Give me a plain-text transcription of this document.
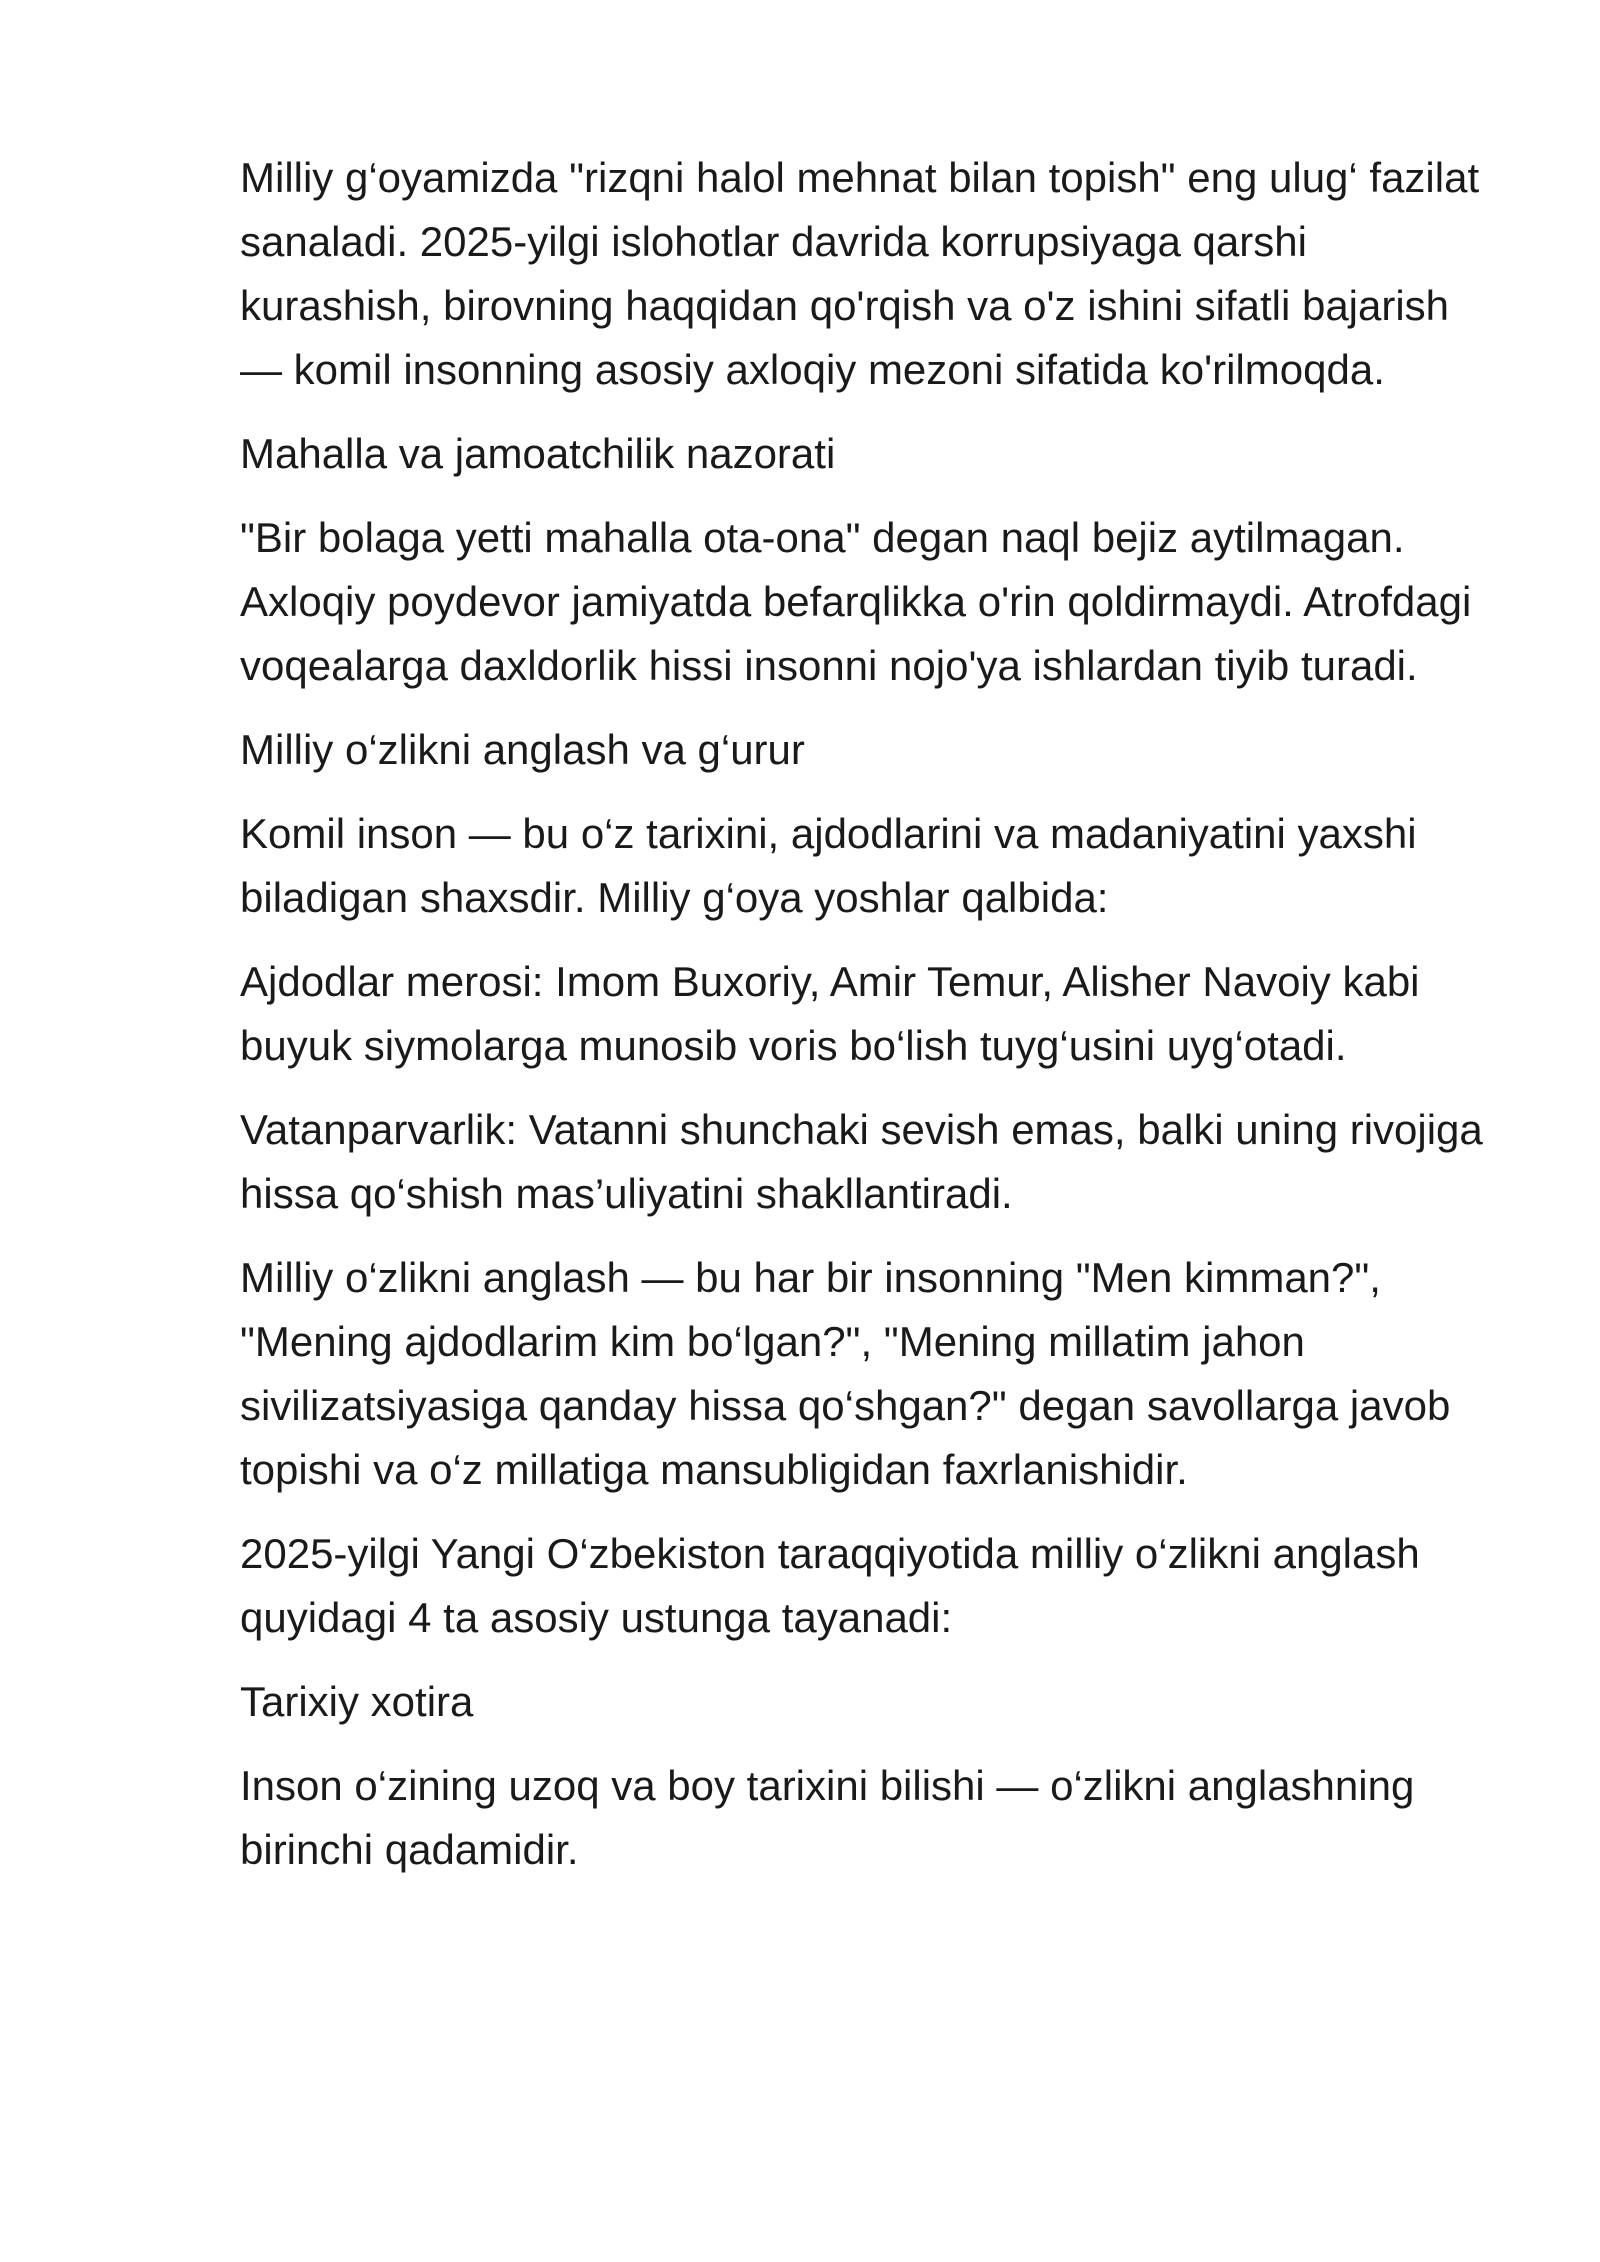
Milliy g‘oyamizda "rizqni halol mehnat bilan topish" eng ulug‘ fazilat sanaladi. 2025-yilgi islohotlar davrida korrupsiyaga qarshi kurashish, birovning haqqidan qo'rqish va o'z ishini sifatli bajarish — komil insonning asosiy axloqiy mezoni sifatida ko'rilmoqda.

Mahalla va jamoatchilik nazorati

"Bir bolaga yetti mahalla ota-ona" degan naql bejiz aytilmagan. Axloqiy poydevor jamiyatda befarqlikka o'rin qoldirmaydi. Atrofdagi voqealarga daxldorlik hissi insonni nojo'ya ishlardan tiyib turadi.

Milliy o‘zlikni anglash va g‘urur

Komil inson — bu o‘z tarixini, ajdodlarini va madaniyatini yaxshi biladigan shaxsdir. Milliy g‘oya yoshlar qalbida:

Ajdodlar merosi: Imom Buxoriy, Amir Temur, Alisher Navoiy kabi buyuk siymolarga munosib voris bo‘lish tuyg‘usini uyg‘otadi.

Vatanparvarlik: Vatanni shunchaki sevish emas, balki uning rivojiga hissa qo‘shish mas’uliyatini shakllantiradi.

Milliy o‘zlikni anglash — bu har bir insonning "Men kimman?", "Mening ajdodlarim kim bo‘lgan?", "Mening millatim jahon sivilizatsiyasiga qanday hissa qo‘shgan?" degan savollarga javob topishi va o‘z millatiga mansubligidan faxrlanishidir.

2025-yilgi Yangi O‘zbekiston taraqqiyotida milliy o‘zlikni anglash quyidagi 4 ta asosiy ustunga tayanadi:

Tarixiy xotira

Inson o‘zining uzoq va boy tarixini bilishi — o‘zlikni anglashning birinchi qadamidir.
